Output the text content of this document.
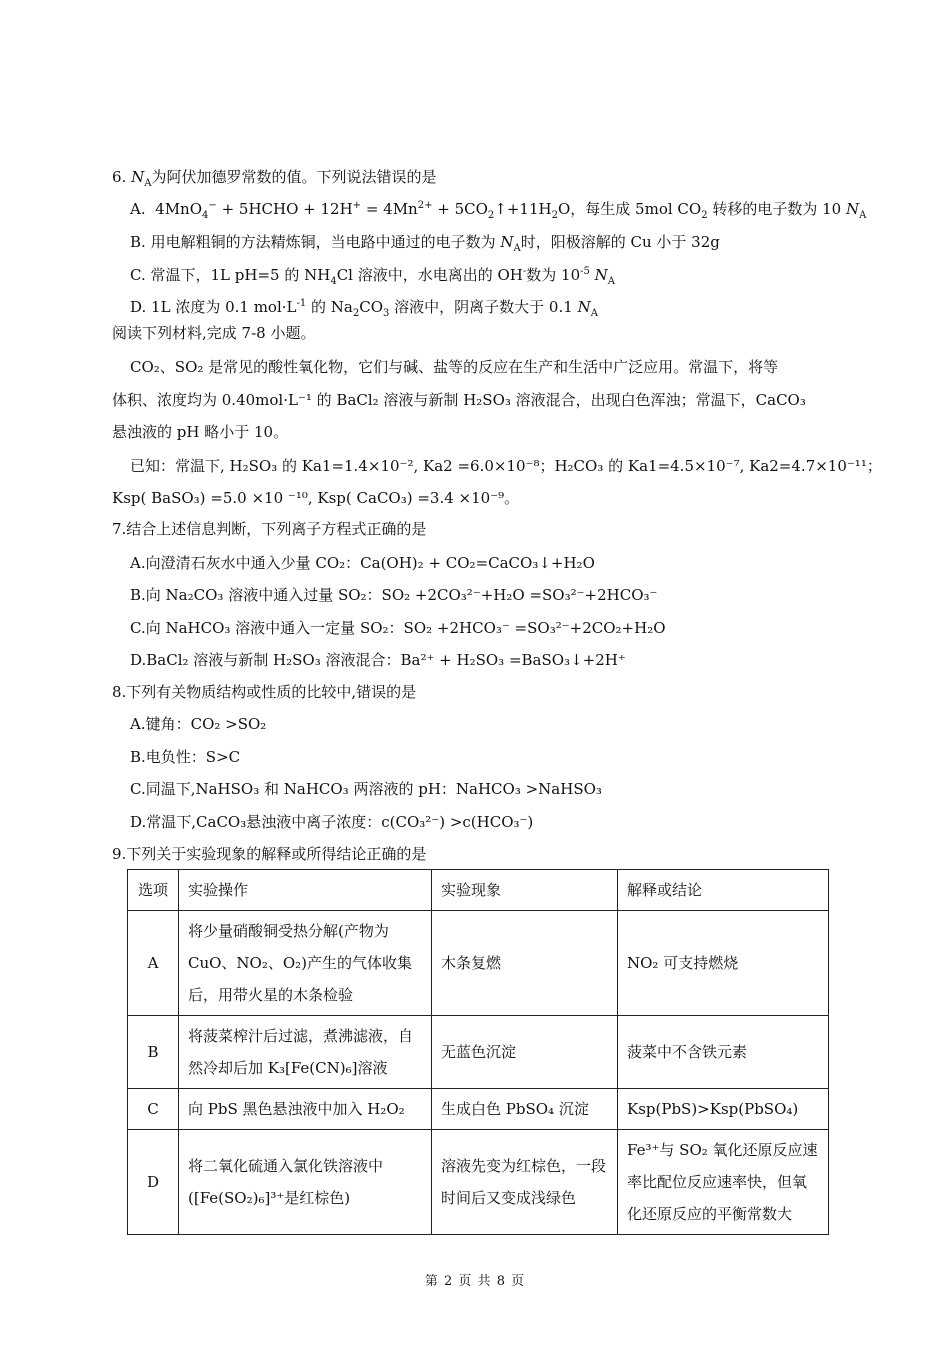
6. $N_A$为阿伏加德罗常数的值。下列说法错误的是
A. 4MnO$_4$− + 5HCHO + $12H^+ = 4Mn^{2+}$ + $5CO_2↑+11H_2O$，每生成 5mol $CO_2$ 转移的电子数为 10 $N_A$
B. 用电解粗铜的方法精炼铜，当电路中通过的电子数为 $N_A$时，阳极溶解的 Cu 小于 32g
C. 常温下，1L pH=5 的 $NH_4Cl$ 溶液中，水电离出的 OH-数为 $10^{-5}$ $N_A$
D. 1L 浓度为 0.1 $mol\cdot L^{-1}$ 的 $Na_2CO_3$ 溶液中，阴离子数大于 0.1 $N_A$
阅读下列材料,完成 7-8 小题。
CO₂、SO₂ 是常见的酸性氧化物，它们与碱、盐等的反应在生产和生活中广泛应用。常温下，将等
体积、浓度均为 0.40mol·L⁻¹ 的 BaCl₂ 溶液与新制 H₂SO₃ 溶液混合，出现白色浑浊；常温下，CaCO₃
悬浊液的 pH 略小于 10。
已知：常温下, H₂SO₃ 的 Ka1=1.4×10⁻², Ka2 =6.0×10⁻⁸；H₂CO₃ 的 Ka1=4.5×10⁻⁷, Ka2=4.7×10⁻¹¹；
Ksp( BaSO₃) =5.0 ×10 ⁻¹⁰, Ksp( CaCO₃) =3.4 ×10⁻⁹。
7.结合上述信息判断，下列离子方程式正确的是
A.向澄清石灰水中通入少量 CO₂：Ca(OH)₂ + CO₂=CaCO₃↓+H₂O
B.向 Na₂CO₃ 溶液中通入过量 SO₂：SO₂ +2CO₃²⁻+H₂O =SO₃²⁻+2HCO₃⁻
C.向 NaHCO₃ 溶液中通入一定量 SO₂：SO₂ +2HCO₃⁻ =SO₃²⁻+2CO₂+H₂O
D.BaCl₂ 溶液与新制 H₂SO₃ 溶液混合：Ba²⁺ + H₂SO₃ =BaSO₃↓+2H⁺
8.下列有关物质结构或性质的比较中,错误的是
A.键角：CO₂ >SO₂
B.电负性：S>C
C.同温下,NaHSO₃ 和 NaHCO₃ 两溶液的 pH：NaHCO₃ >NaHSO₃
D.常温下,CaCO₃悬浊液中离子浓度：c(CO₃²⁻) >c(HCO₃⁻)
9.下列关于实验现象的解释或所得结论正确的是
选项	实验操作	实验现象	解释或结论
A	将少量硝酸铜受热分解(产物为CuO、NO₂、O₂)产生的气体收集后，用带火星的木条检验	木条复燃	NO₂ 可支持燃烧
B	将菠菜榨汁后过滤，煮沸滤液，自然冷却后加 K₃[Fe(CN)₆]溶液	无蓝色沉淀	菠菜中不含铁元素
C	向 PbS 黑色悬浊液中加入 H₂O₂	生成白色 PbSO₄ 沉淀	Ksp(PbS)>Ksp(PbSO₄)
D	将二氧化硫通入氯化铁溶液中([Fe(SO₂)₆]³⁺是红棕色)	溶液先变为红棕色，一段时间后又变成浅绿色	Fe³⁺与 SO₂ 氧化还原反应速率比配位反应速率快，但氧化还原反应的平衡常数大
第 2 页 共 8 页
